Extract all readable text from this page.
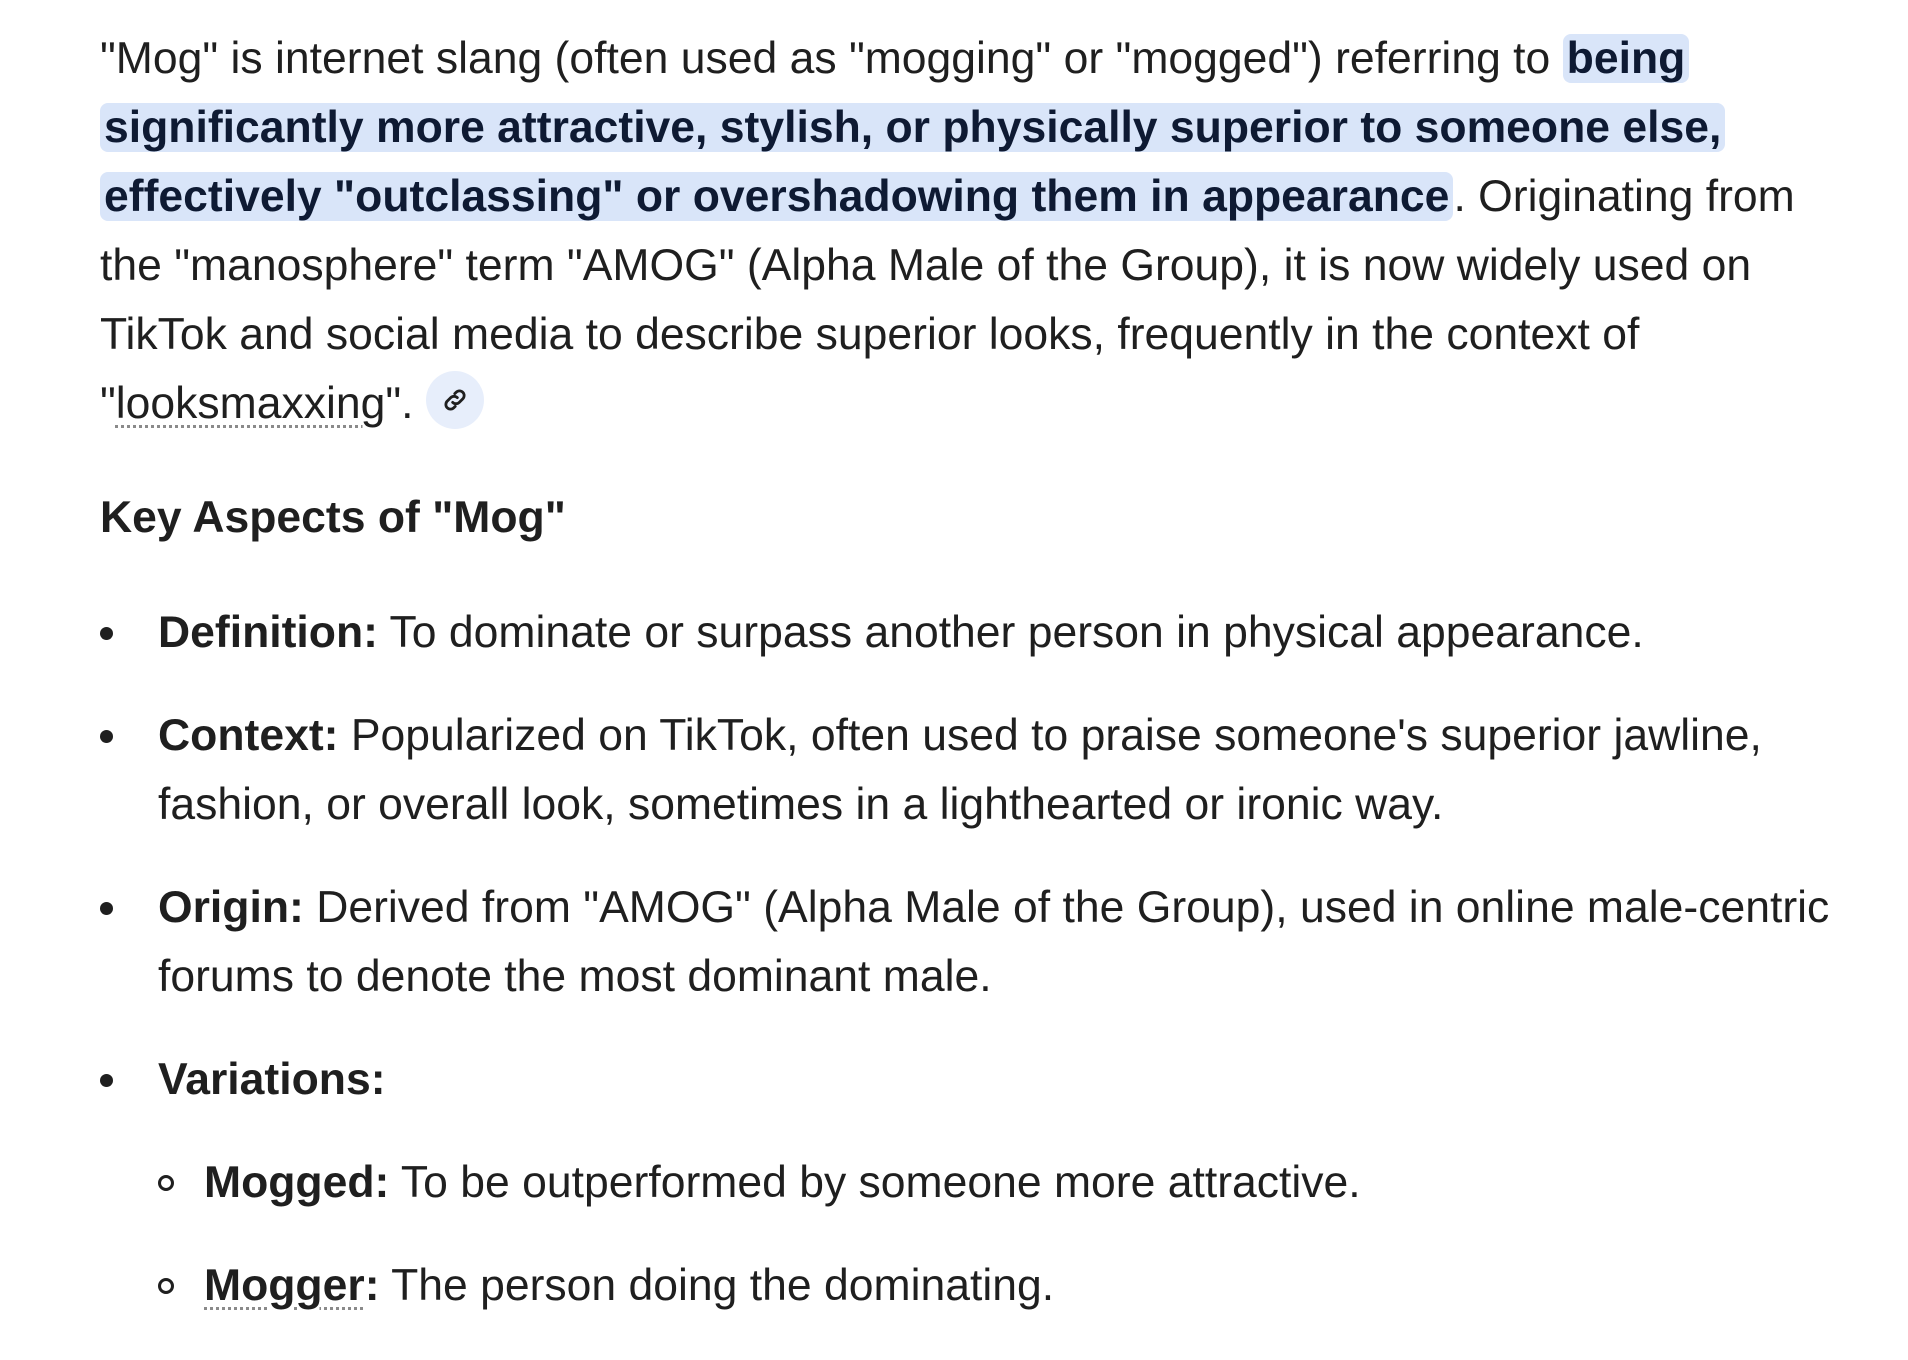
"Mog" is internet slang (often used as "mogging" or "mogged") referring to being significantly more attractive, stylish, or physically superior to someone else, effectively "outclassing" or overshadowing them in appearance. Originating from the "manosphere" term "AMOG" (Alpha Male of the Group), it is now widely used on TikTok and social media to describe superior looks, frequently in the context of "looksmaxxing".

Key Aspects of "Mog"
Definition: To dominate or surpass another person in physical appearance.
Context: Popularized on TikTok, often used to praise someone's superior jawline, fashion, or overall look, sometimes in a lighthearted or ironic way.
Origin: Derived from "AMOG" (Alpha Male of the Group), used in online male-centric forums to denote the most dominant male.
Variations:
Mogged: To be outperformed by someone more attractive.
Mogger: The person doing the dominating.
